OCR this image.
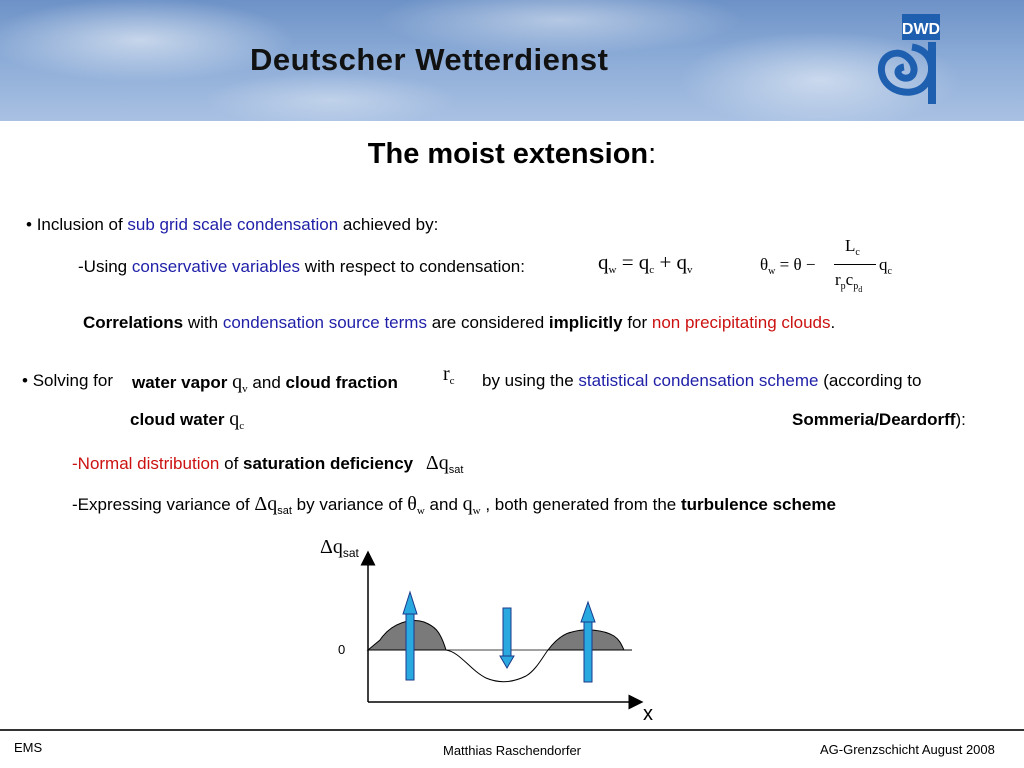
Deutscher Wetterdienst
DWD
The moist extension:
• Inclusion of sub grid scale condensation achieved by:
-Using conservative variables with respect to condensation:	qw = qc + qv	$\theta_w = \theta$ −
$L_c$
$r_pc_{pd}$
$q_c$
Correlations with condensation source terms are considered implicitly for non precipitating clouds.
• Solving for water vapor $q_v$ and cloud fraction $r_c$ by using the statistical condensation scheme (according to
cloud water $q_c$	Sommeria/Deardorff):
-Normal distribution of saturation deficiency $\Delta q_{sat}$
-Expressing variance of $\Delta q_{sat}$ by variance of $\theta_w$ and $q_w$ , both generated from the turbulence scheme
0
$\Delta q_{sat}$
x
EMS	Matthias Raschendorfer	AG-Grenzschicht August 2008
